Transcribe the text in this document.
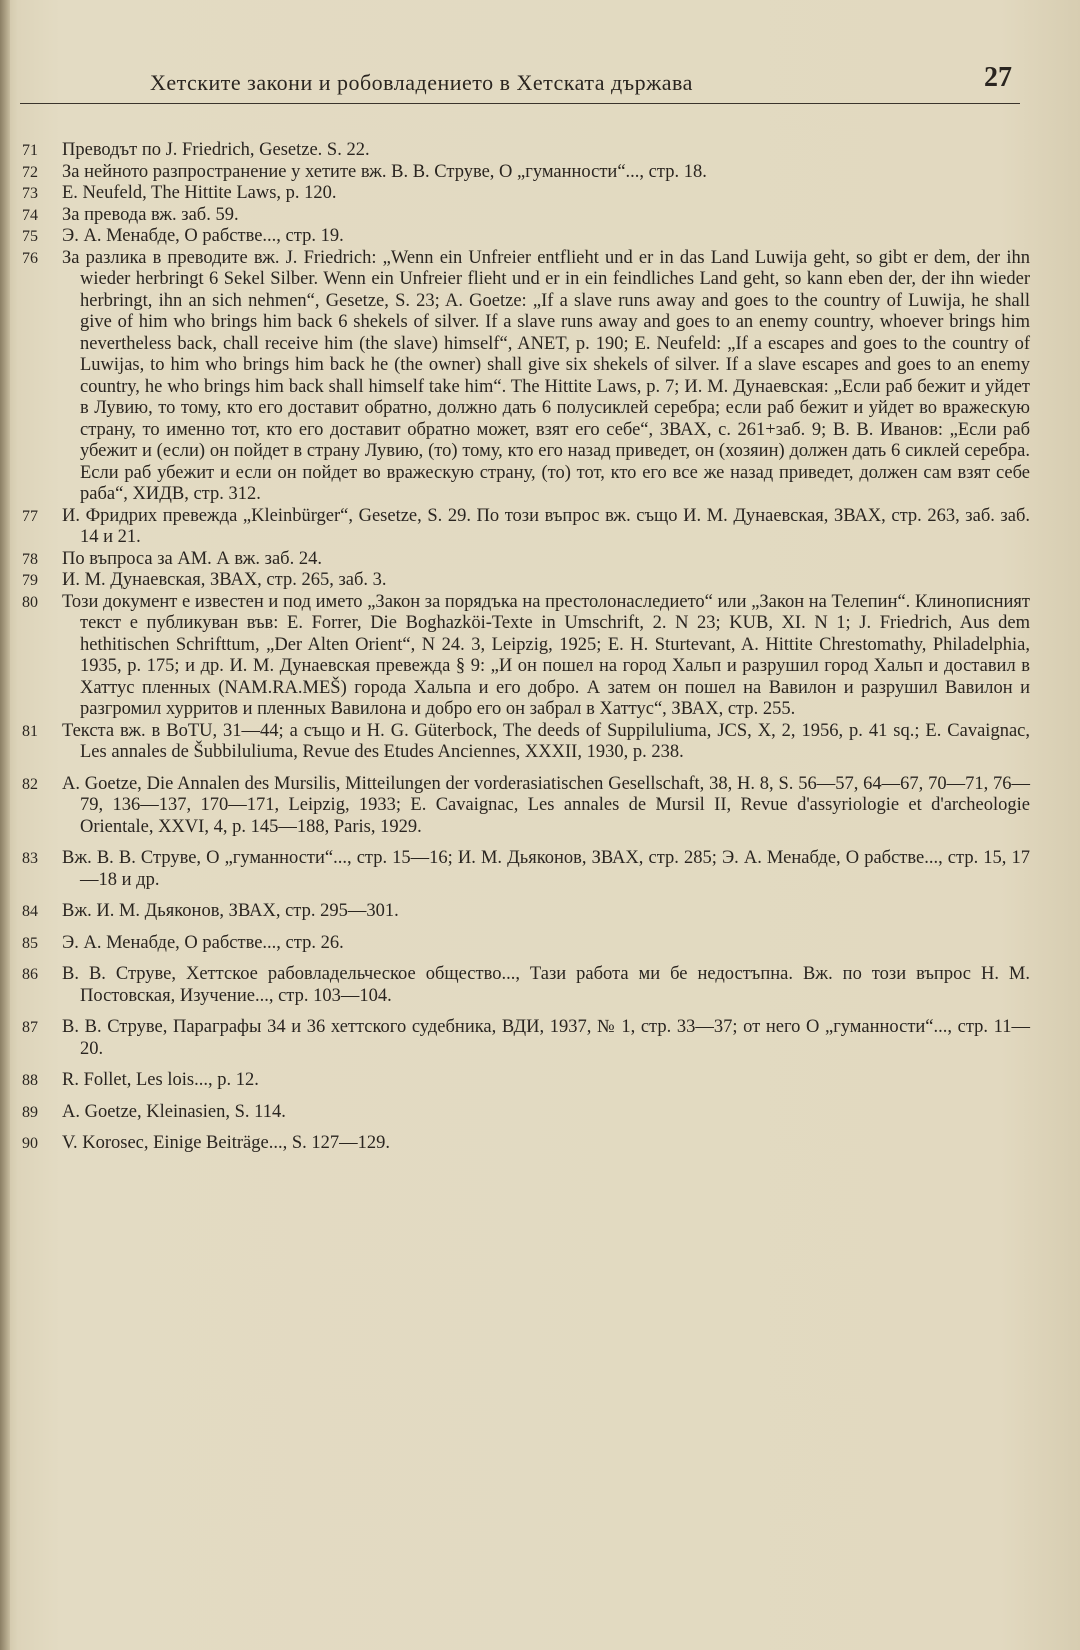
Хетските закони и робовладението в Хетската държава	27

71 Преводът по J. Friedrich, Gesetze. S. 22.

72 За нейното разпространение у хетите вж. В. В. Струве, О „гуманности“..., стр. 18.

73 E. Neufeld, The Hittite Laws, p. 120.

74 За превода вж. заб. 59.

75 Э. А. Менабде, О рабстве..., стр. 19.

76 За разлика в преводите вж. J. Friedrich: „Wenn ein Unfreier entflieht und er in das Land Luwija geht, so gibt er dem, der ihn wieder herbringt 6 Sekel Silber. Wenn ein Unfreier flieht und er in ein feindliches Land geht, so kann eben der, der ihn wieder herbringt, ihn an sich nehmen“, Gesetze, S. 23; A. Goetze: „If a slave runs away and goes to the country of Luwija, he shall give of him who brings him back 6 shekels of silver. If a slave runs away and goes to an enemy country, whoever brings him nevertheless back, chall receive him (the slave) himself“, ANET, p. 190; E. Neufeld: „If a escapes and goes to the country of Luwijas, to him who brings him back he (the owner) shall give six shekels of silver. If a slave escapes and goes to an enemy country, he who brings him back shall himself take him“. The Hittite Laws, p. 7; И. М. Дунаевская: „Если раб бежит и уйдет в Лувию, то тому, кто его доставит обратно, должно дать 6 полусиклей серебра; если раб бежит и уйдет во вражескую страну, то именно тот, кто его доставит обратно может, взят его себе“, ЗВАХ, с. 261+заб. 9; В. В. Иванов: „Если раб убежит и (если) он пойдет в страну Лувию, (то) тому, кто его назад приведет, он (хозяин) должен дать 6 сиклей серебра. Если раб убежит и если он пойдет во вражескую страну, (то) тот, кто его все же назад приведет, должен сам взят себе раба“, ХИДВ, стр. 312.

77 И. Фридрих превежда „Kleinbürger“, Gesetze, S. 29. По този въпрос вж. също И. М. Дунаевская, ЗВАХ, стр. 263, заб. заб. 14 и 21.

78 По въпроса за АМ. А вж. заб. 24.

79 И. М. Дунаевская, ЗВАХ, стр. 265, заб. 3.

80 Този документ е известен и под името „Закон за порядъка на престолонаследието“ или „Закон на Телепин“. Клинописният текст е публикуван във: E. Forrer, Die Boghazköi-Texte in Umschrift, 2. N 23; KUB, XI. N 1; J. Friedrich, Aus dem hethitischen Schrifttum, „Der Alten Orient“, N 24. 3, Leipzig, 1925; E. H. Sturtevant, A. Hittite Chrestomathy, Philadelphia, 1935, p. 175; и др. И. М. Дунаевская превежда § 9: „И он пошел на город Хальп и разрушил город Хальп и доставил в Хаттус пленных (NAM.RA.MEŠ) города Хальпа и его добро. А затем он пошел на Вавилон и разрушил Вавилон и разгромил хурритов и пленных Вавилона и добро его он забрал в Хаттус“, ЗВАХ, стр. 255.

81 Текста вж. в BoTU, 31—44; а също и H. G. Güterbock, The deeds of Suppiluliuma, JCS, X, 2, 1956, p. 41 sq.; E. Cavaignac, Les annales de Šubbiluliuma, Revue des Etudes Anciennes, XXXII, 1930, p. 238.

82 A. Goetze, Die Annalen des Mursilis, Mitteilungen der vorderasiatischen Gesellschaft, 38, H. 8, S. 56—57, 64—67, 70—71, 76—79, 136—137, 170—171, Leipzig, 1933; E. Cavaignac, Les annales de Mursil II, Revue d'assyriologie et d'archeologie Orientale, XXVI, 4, p. 145—188, Paris, 1929.

83 Вж. В. В. Струве, О „гуманности“..., стр. 15—16; И. М. Дьяконов, ЗВАХ, стр. 285; Э. А. Менабде, О рабстве..., стр. 15, 17—18 и др.

84 Вж. И. М. Дьяконов, ЗВАХ, стр. 295—301.

85 Э. А. Менабде, О рабстве..., стр. 26.

86 В. В. Струве, Хеттское рабовладельческое общество..., Тази работа ми бе недостъпна. Вж. по този въпрос Н. М. Постовская, Изучение..., стр. 103—104.

87 В. В. Струве, Параграфы 34 и 36 хеттского судебника, ВДИ, 1937, № 1, стр. 33—37; от него О „гуманности“..., стр. 11—20.

88 R. Follet, Les lois..., p. 12.

89 A. Goetze, Kleinasien, S. 114.

90 V. Korosec, Einige Beiträge..., S. 127—129.
